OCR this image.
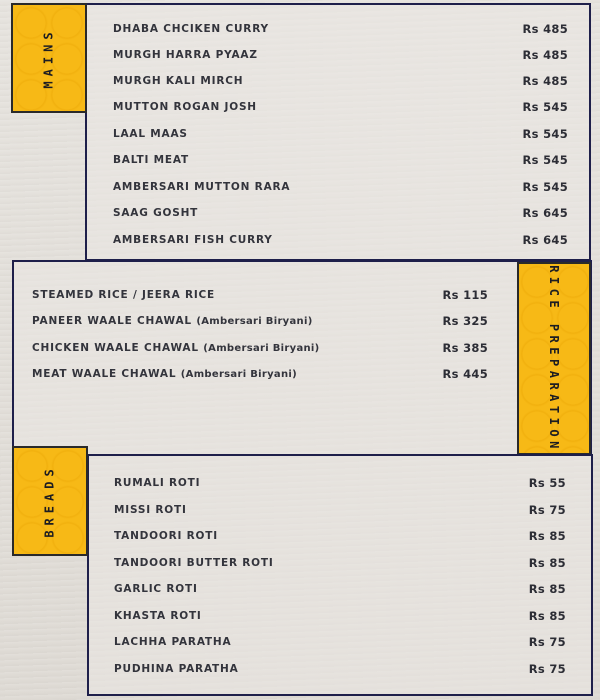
MAINS	DHABA CHCIKEN CURRY	Rs 485
MURGH HARRA PYAAZ	Rs 485
MURGH KALI MIRCH	Rs 485
MUTTON ROGAN JOSH	Rs 545
LAAL MAAS	Rs 545
BALTI MEAT	Rs 545
AMBERSARI MUTTON RARA	Rs 545
SAAG GOSHT	Rs 645
AMBERSARI FISH CURRY	Rs 645
RICE PREPARATION
STEAMED RICE / JEERA RICE	Rs 115
PANEER WAALE CHAWAL (Ambersari Biryani)	Rs 325
CHICKEN WAALE CHAWAL (Ambersari Biryani)	Rs 385
MEAT WAALE CHAWAL (Ambersari Biryani)	Rs 445
BREADS	RUMALI ROTI	Rs 55
MISSI ROTI	Rs 75
TANDOORI ROTI	Rs 85
TANDOORI BUTTER ROTI	Rs 85
GARLIC ROTI	Rs 85
KHASTA ROTI	Rs 85
LACHHA PARATHA	Rs 75
PUDHINA PARATHA	Rs 75
